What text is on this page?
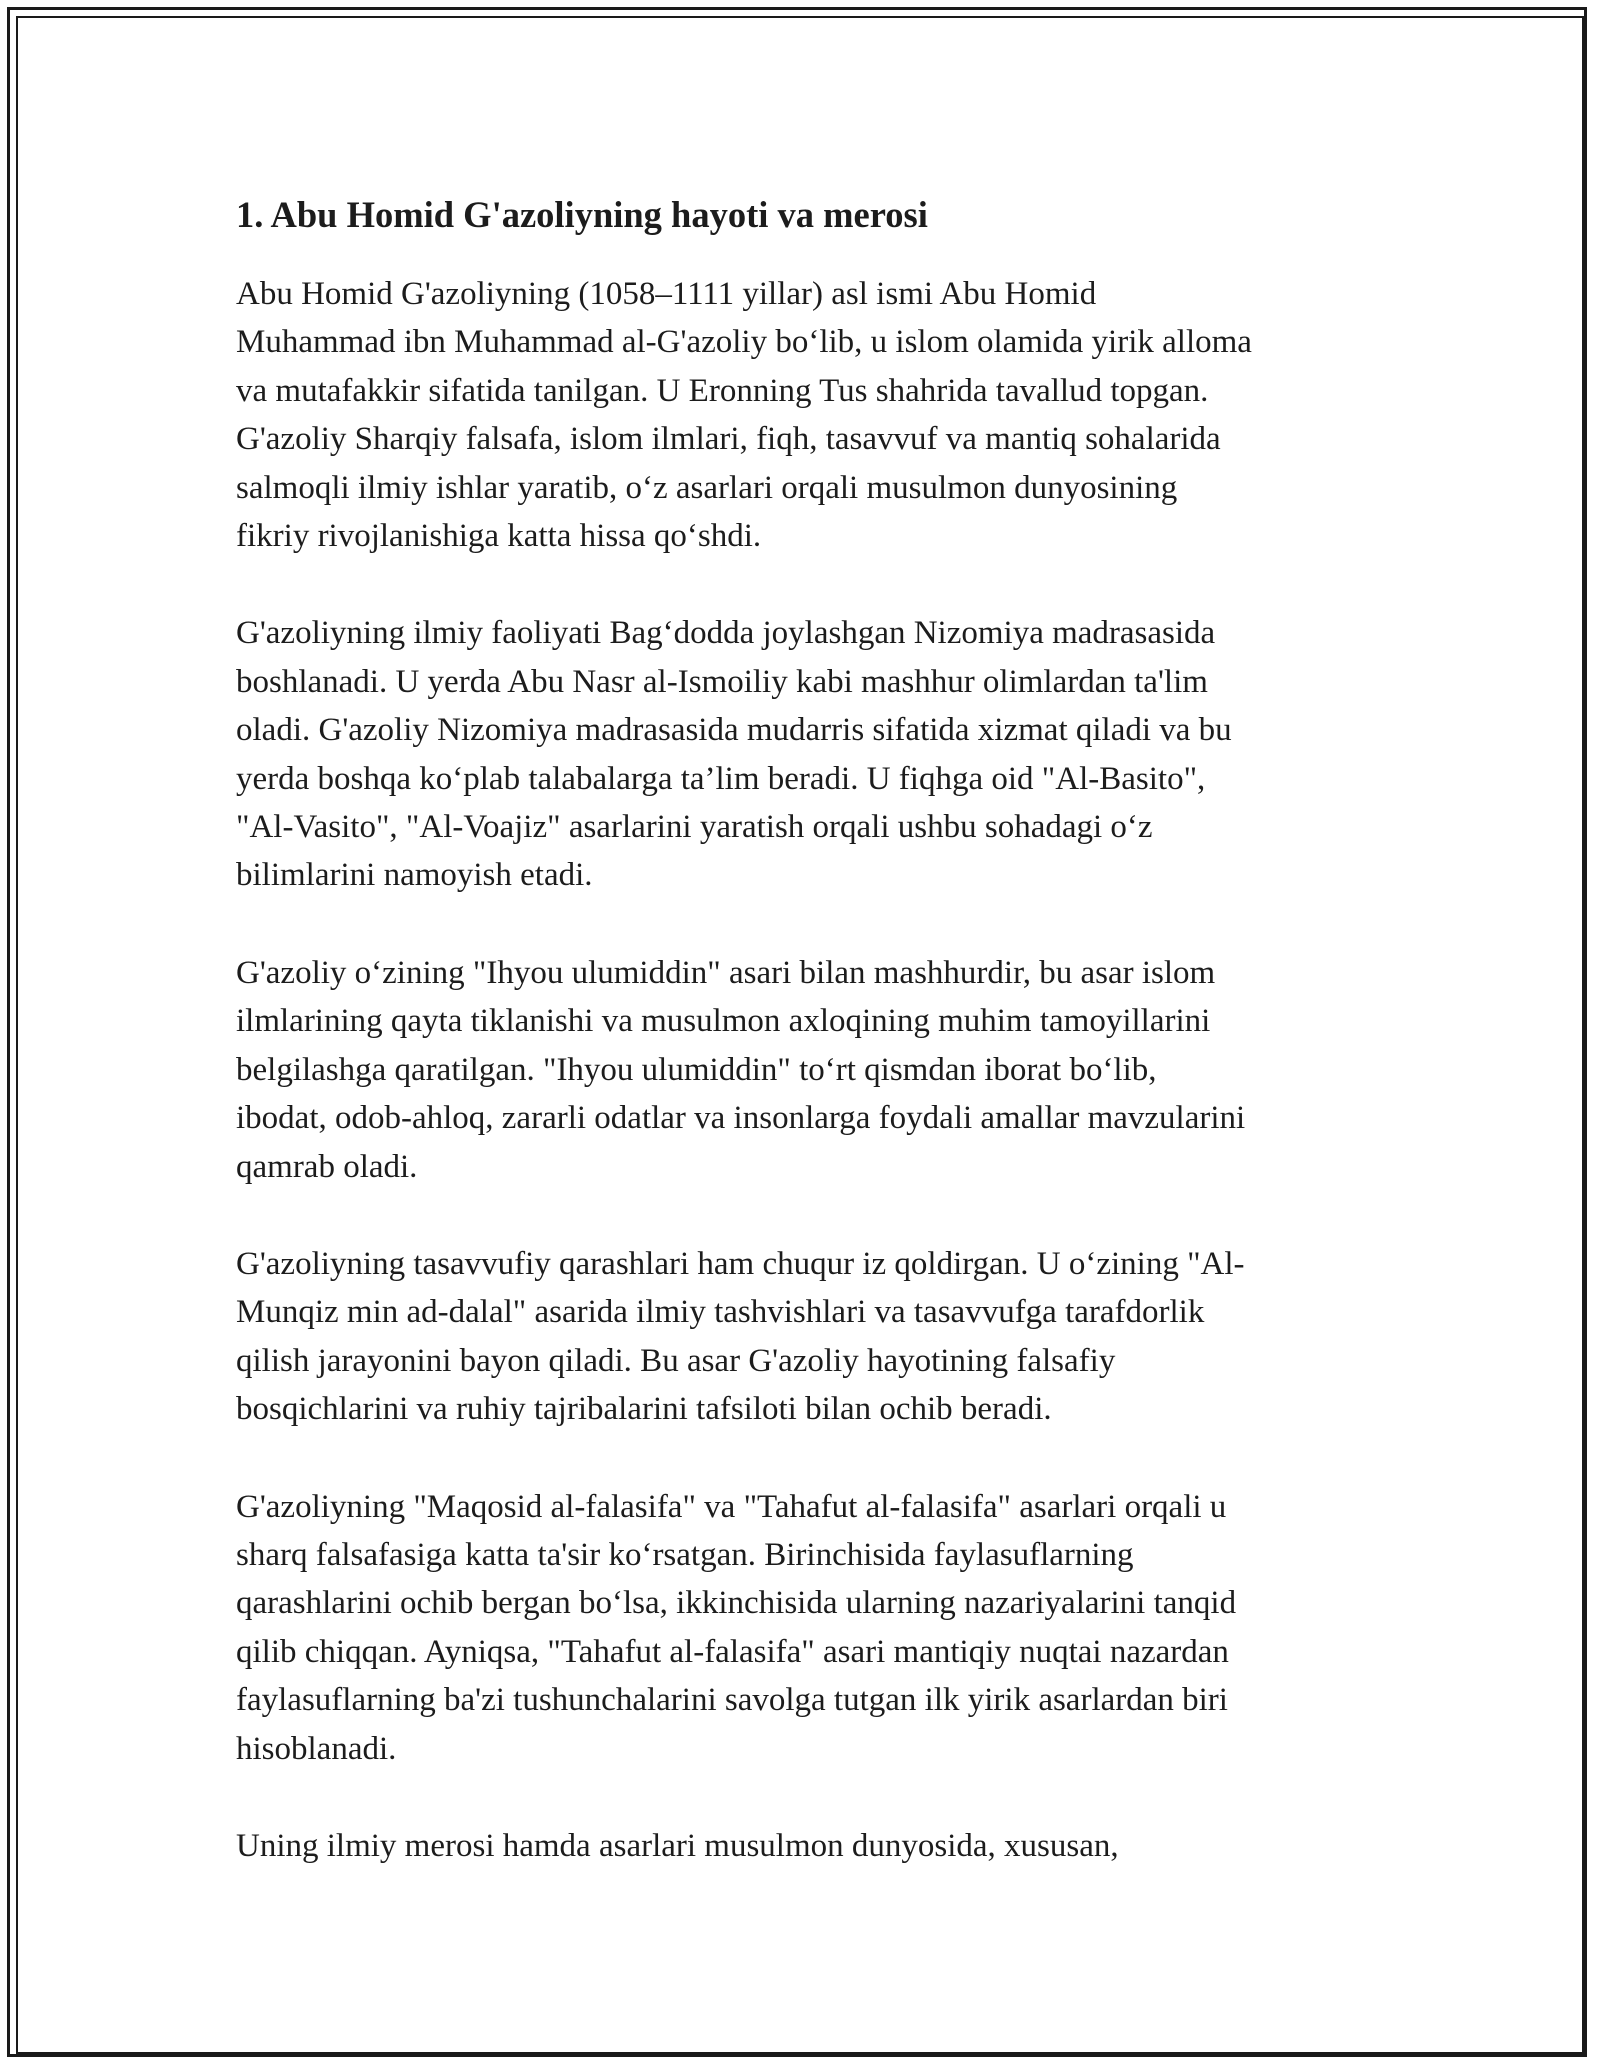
1. Abu Homid G'azoliyning hayoti va merosi

Abu Homid G'azoliyning (1058–1111 yillar) asl ismi Abu Homid
Muhammad ibn Muhammad al-G'azoliy bo‘lib, u islom olamida yirik alloma
va mutafakkir sifatida tanilgan. U Eronning Tus shahrida tavallud topgan.
G'azoliy Sharqiy falsafa, islom ilmlari, fiqh, tasavvuf va mantiq sohalarida
salmoqli ilmiy ishlar yaratib, o‘z asarlari orqali musulmon dunyosining
fikriy rivojlanishiga katta hissa qo‘shdi.

G'azoliyning ilmiy faoliyati Bag‘dodda joylashgan Nizomiya madrasasida
boshlanadi. U yerda Abu Nasr al-Ismoiliy kabi mashhur olimlardan ta'lim
oladi. G'azoliy Nizomiya madrasasida mudarris sifatida xizmat qiladi va bu
yerda boshqa ko‘plab talabalarga ta’lim beradi. U fiqhga oid "Al-Basito",
"Al-Vasito", "Al-Voajiz" asarlarini yaratish orqali ushbu sohadagi o‘z
bilimlarini namoyish etadi.

G'azoliy o‘zining "Ihyou ulumiddin" asari bilan mashhurdir, bu asar islom
ilmlarining qayta tiklanishi va musulmon axloqining muhim tamoyillarini
belgilashga qaratilgan. "Ihyou ulumiddin" to‘rt qismdan iborat bo‘lib,
ibodat, odob-ahloq, zararli odatlar va insonlarga foydali amallar mavzularini
qamrab oladi.

G'azoliyning tasavvufiy qarashlari ham chuqur iz qoldirgan. U o‘zining "Al-
Munqiz min ad-dalal" asarida ilmiy tashvishlari va tasavvufga tarafdorlik
qilish jarayonini bayon qiladi. Bu asar G'azoliy hayotining falsafiy
bosqichlarini va ruhiy tajribalarini tafsiloti bilan ochib beradi.

G'azoliyning "Maqosid al-falasifa" va "Tahafut al-falasifa" asarlari orqali u
sharq falsafasiga katta ta'sir ko‘rsatgan. Birinchisida faylasuflarning
qarashlarini ochib bergan bo‘lsa, ikkinchisida ularning nazariyalarini tanqid
qilib chiqqan. Ayniqsa, "Tahafut al-falasifa" asari mantiqiy nuqtai nazardan
faylasuflarning ba'zi tushunchalarini savolga tutgan ilk yirik asarlardan biri
hisoblanadi.

Uning ilmiy merosi hamda asarlari musulmon dunyosida, xususan,
